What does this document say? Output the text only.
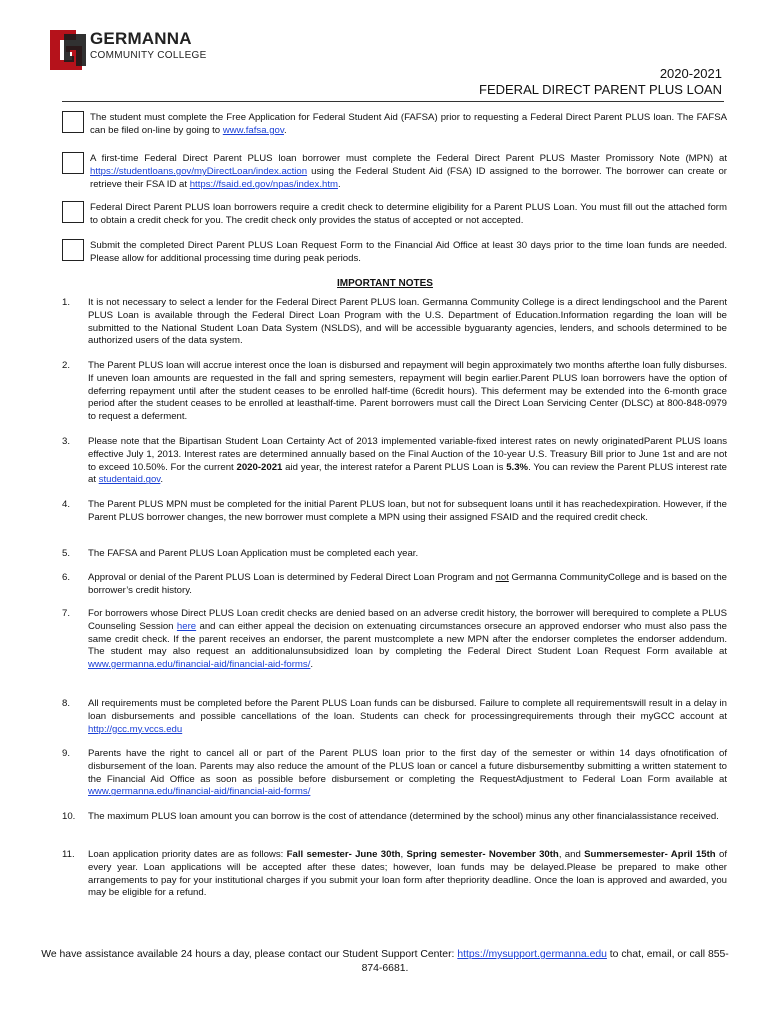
GERMANNA
COMMUNITY COLLEGE
2020-2021
FEDERAL DIRECT PARENT PLUS LOAN
The student must complete the Free Application for Federal Student Aid (FAFSA) prior to requesting a Federal Direct Parent PLUS loan. The FAFSA can be filed on-line by going to www.fafsa.gov.
A first-time Federal Direct Parent PLUS loan borrower must complete the Federal Direct Parent PLUS Master Promissory Note (MPN) at https://studentloans.gov/myDirectLoan/index.action using the Federal Student Aid (FSA) ID assigned to the borrower. The borrower can create or retrieve their FSA ID at https://fsaid.ed.gov/npas/index.htm.
Federal Direct Parent PLUS loan borrowers require a credit check to determine eligibility for a Parent PLUS Loan. You must fill out the attached form to obtain a credit check for you. The credit check only provides the status of accepted or not accepted.
Submit the completed Direct Parent PLUS Loan Request Form to the Financial Aid Office at least 30 days prior to the time loan funds are needed. Please allow for additional processing time during peak periods.
IMPORTANT NOTES
1. It is not necessary to select a lender for the Federal Direct Parent PLUS loan. Germanna Community College is a direct lendingschool and the Parent PLUS Loan is available through the Federal Direct Loan Program with the U.S. Department of Education.Information regarding the loan will be submitted to the National Student Loan Data System (NSLDS), and will be accessible byguaranty agencies, lenders, and schools determined to be authorized users of the data system.
2. The Parent PLUS loan will accrue interest once the loan is disbursed and repayment will begin approximately two months afterthe loan fully disburses. If uneven loan amounts are requested in the fall and spring semesters, repayment will begin earlier.Parent PLUS loan borrowers have the option of deferring repayment until after the student ceases to be enrolled half-time (6credit hours). This deferment may be extended into the 6-month grace period after the student ceases to be enrolled at leasthalf-time. Parent borrowers must call the Direct Loan Servicing Center (DLSC) at 800-848-0979 to request a deferment.
3. Please note that the Bipartisan Student Loan Certainty Act of 2013 implemented variable-fixed interest rates on newly originatedParent PLUS loans effective July 1, 2013. Interest rates are determined annually based on the Final Auction of the 10-year U.S. Treasury Bill prior to June 1st and are not to exceed 10.50%. For the current 2020-2021 aid year, the interest ratefor a Parent PLUS Loan is 5.3%. You can review the Parent PLUS interest rate at studentaid.gov.
4. The Parent PLUS MPN must be completed for the initial Parent PLUS loan, but not for subsequent loans until it has reachedexpiration. However, if the Parent PLUS borrower changes, the new borrower must complete a MPN using their assigned FSAID and the required credit check.
5. The FAFSA and Parent PLUS Loan Application must be completed each year.
6. Approval or denial of the Parent PLUS Loan is determined by Federal Direct Loan Program and not Germanna CommunityCollege and is based on the borrower’s credit history.
7. For borrowers whose Direct PLUS Loan credit checks are denied based on an adverse credit history, the borrower will berequired to complete a PLUS Counseling Session here and can either appeal the decision on extenuating circumstances orsecure an approved endorser who must also pass the same credit check. If the parent receives an endorser, the parent mustcomplete a new MPN after the endorser completes the endorser addendum. The student may also request an additionalunsubsidized loan by completing the Federal Direct Student Loan Request Form available at www.germanna.edu/financial-aid/financial-aid-forms/.
8. All requirements must be completed before the Parent PLUS Loan funds can be disbursed. Failure to complete all requirementswill result in a delay in loan disbursements and possible cancellations of the loan. Students can check for processingrequirements through their myGCC account at http://gcc.my.vccs.edu
9. Parents have the right to cancel all or part of the Parent PLUS loan prior to the first day of the semester or within 14 days ofnotification of disbursement of the loan. Parents may also reduce the amount of the PLUS loan or cancel a future disbursementby submitting a written statement to the Financial Aid Office as soon as possible before disbursement or completing the RequestAdjustment to Federal Loan Form available at www.germanna.edu/financial-aid/financial-aid-forms/
10. The maximum PLUS loan amount you can borrow is the cost of attendance (determined by the school) minus any other financialassistance received.
11. Loan application priority dates are as follows: Fall semester- June 30th, Spring semester- November 30th, and Summersemester- April 15th of every year. Loan applications will be accepted after these dates; however, loan funds may be delayed.Please be prepared to make other arrangements to pay for your institutional charges if you submit your loan form after thepriority deadline. Once the loan is approved and awarded, you may be eligible for a refund.
We have assistance available 24 hours a day, please contact our Student Support Center: https://mysupport.germanna.edu to chat, email, or call 855-874-6681.
